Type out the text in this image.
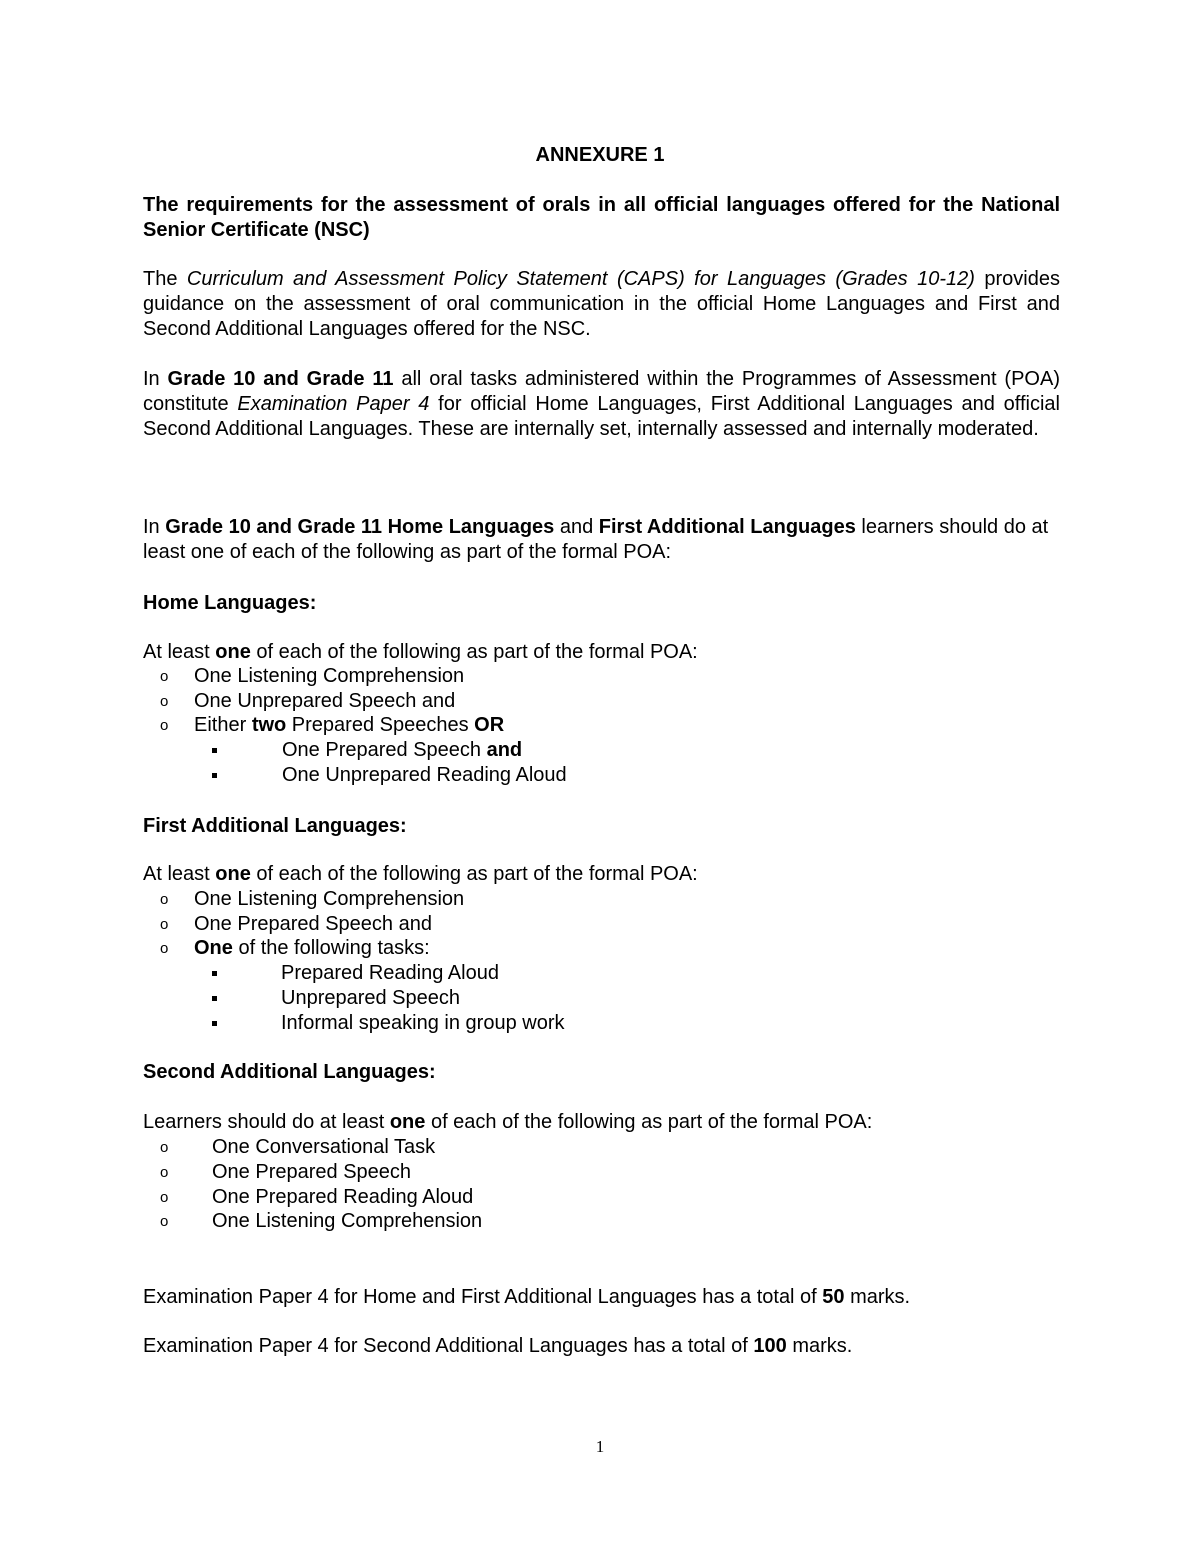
ANNEXURE 1

The requirements for the assessment of orals in all official languages offered for the National Senior Certificate (NSC)

The Curriculum and Assessment Policy Statement (CAPS) for Languages (Grades 10-12) provides guidance on the assessment of oral communication in the official Home Languages and First and Second Additional Languages offered for the NSC.

In Grade 10 and Grade 11 all oral tasks administered within the Programmes of Assessment (POA) constitute Examination Paper 4 for official Home Languages, First Additional Languages and official Second Additional Languages. These are internally set, internally assessed and internally moderated.

In Grade 10 and Grade 11 Home Languages and First Additional Languages learners should do at least one of each of the following as part of the formal POA:

Home Languages:

At least one of each of the following as part of the formal POA:

o One Listening Comprehension
o One Unprepared Speech and
o Either two Prepared Speeches OR
One Prepared Speech and
One Unprepared Reading Aloud

First Additional Languages:

At least one of each of the following as part of the formal POA:

o One Listening Comprehension
o One Prepared Speech and
o One of the following tasks:
Prepared Reading Aloud
Unprepared Speech
Informal speaking in group work

Second Additional Languages:

Learners should do at least one of each of the following as part of the formal POA:

o One Conversational Task
o One Prepared Speech
o One Prepared Reading Aloud
o One Listening Comprehension

Examination Paper 4 for Home and First Additional Languages has a total of 50 marks.

Examination Paper 4 for Second Additional Languages has a total of 100 marks.

1
